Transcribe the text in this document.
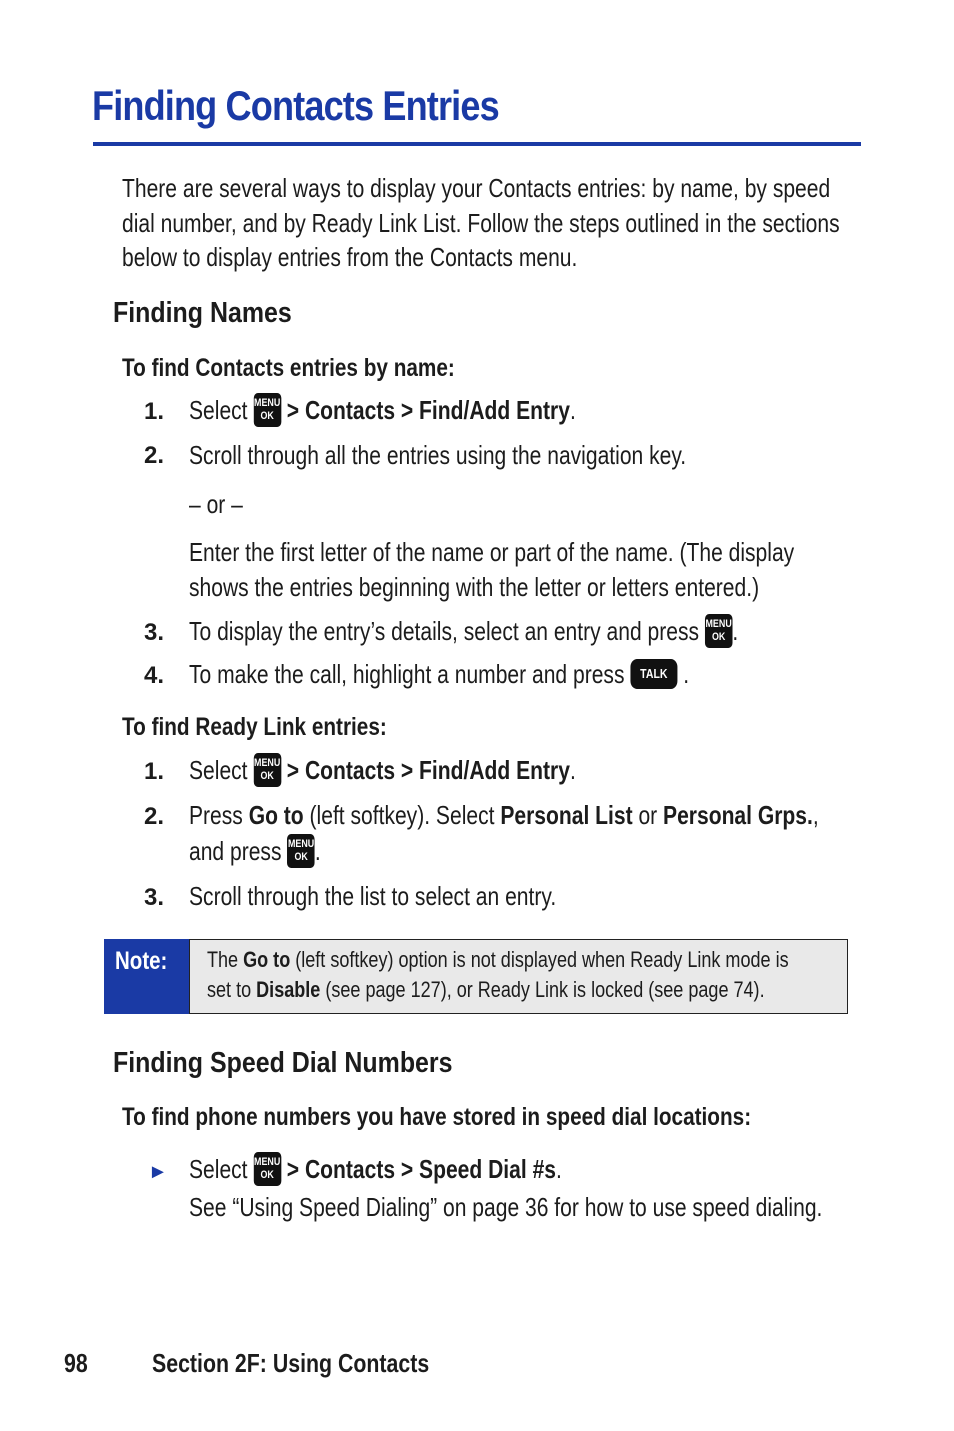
Finding Contacts Entries
There are several ways to display your Contacts entries: by name, by speed
dial number, and by Ready Link List. Follow the steps outlined in the sections
below to display entries from the Contacts menu.
Finding Names
To find Contacts entries by name:
1. Select MENU
OK > Contacts > Find/Add Entry.
2. Scroll through all the entries using the navigation key.
– or –
Enter the first letter of the name or part of the name. (The display
shows the entries beginning with the letter or letters entered.)
3. To display the entry’s details, select an entry and press MENU
OK .
4. To make the call, highlight a number and press TALK .
To find Ready Link entries:
1. Select MENU
OK > Contacts > Find/Add Entry.
2. Press Go to (left softkey). Select Personal List or Personal Grps.,
and press MENU
OK .
3. Scroll through the list to select an entry.
Note: The Go to (left softkey) option is not displayed when Ready Link mode is
set to Disable (see page 127), or Ready Link is locked (see page 74).
Finding Speed Dial Numbers
To find phone numbers you have stored in speed dial locations:
► Select MENU
OK > Contacts > Speed Dial #s.
See “Using Speed Dialing” on page 36 for how to use speed dialing.
98 Section 2F: Using Contacts
